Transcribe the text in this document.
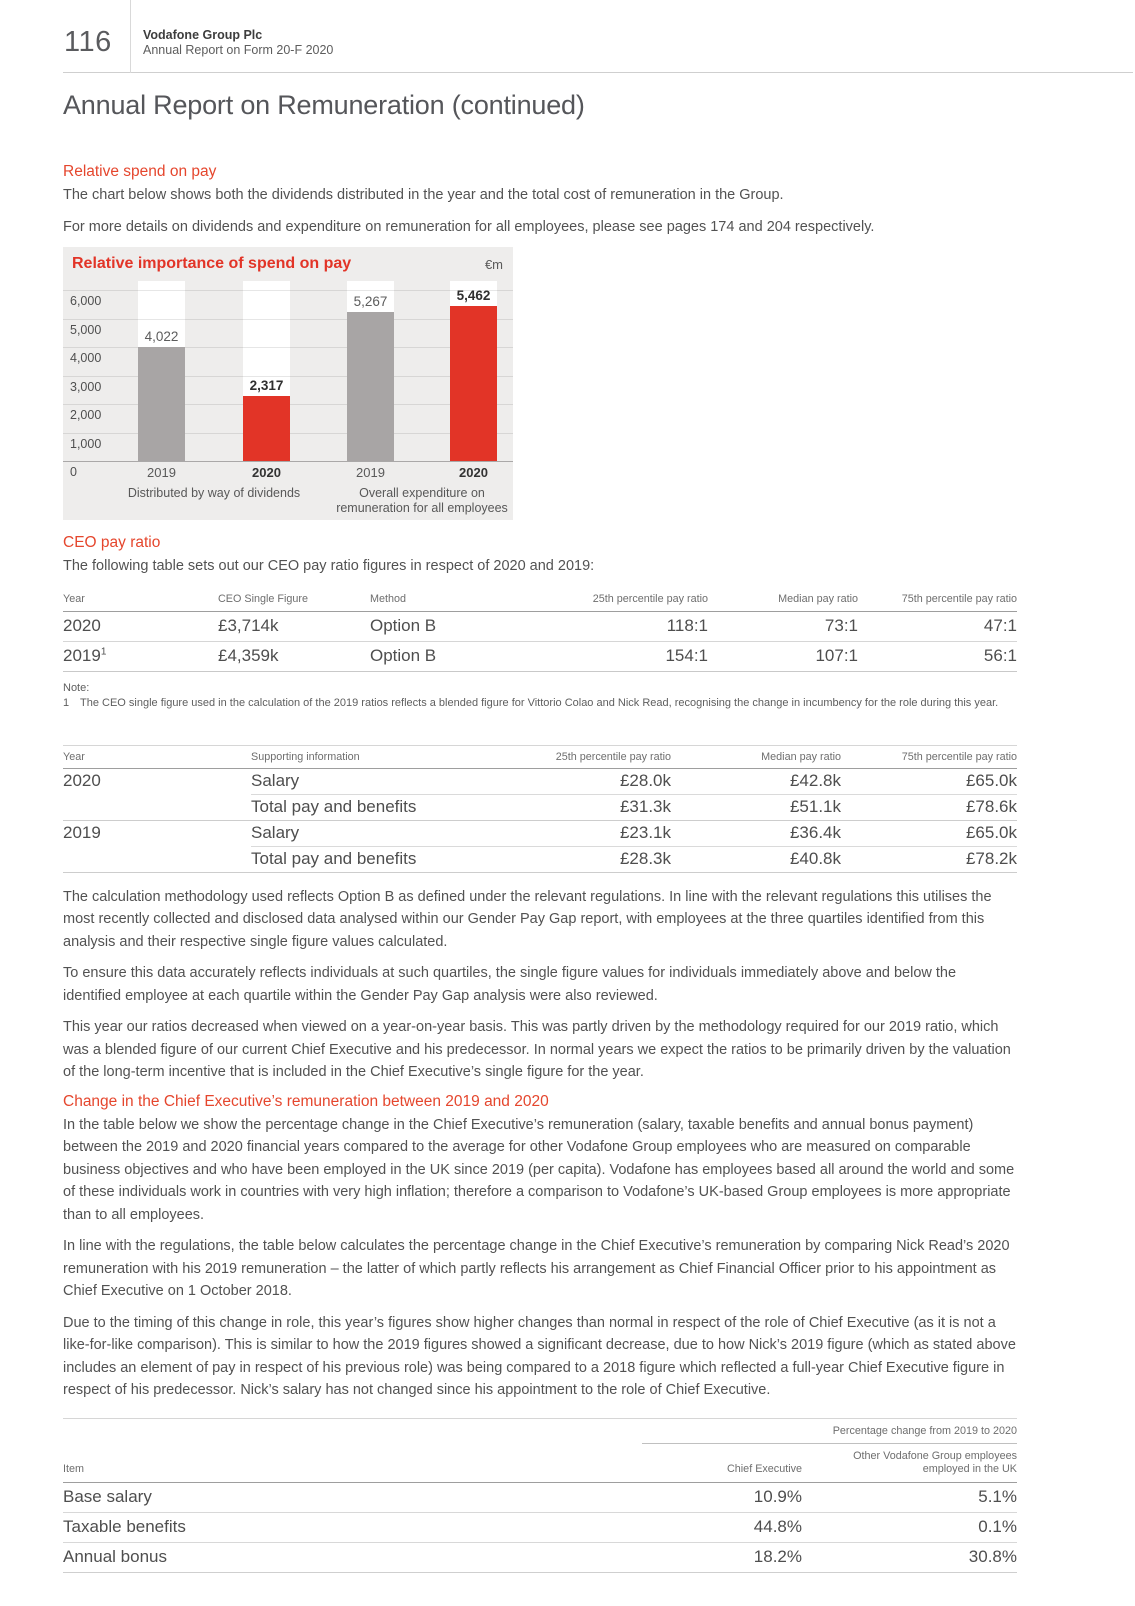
116	Vodafone Group Plc
Annual Report on Form 20-F 2020
Annual Report on Remuneration (continued)
Relative spend on pay

The chart below shows both the dividends distributed in the year and the total cost of remuneration in the Group.

For more details on dividends and expenditure on remuneration for all employees, please see pages 174 and 204 respectively.

Relative importance of spend on pay	€m
1,000
2,000
3,000
4,000
5,000
6,000
4,022
2,317
5,267	5,462
2019	2020	2019	2020
0
Distributed by way of dividends	Overall expenditure on remuneration for all employees
CEO pay ratio

The following table sets out our CEO pay ratio figures in respect of 2020 and 2019:

Year	CEO Single Figure	Method	25th percentile pay ratio	Median pay ratio	75th percentile pay ratio
2020	£3,714k	Option B	118:1	73:1	47:1
2019$^1$	£4,359k	Option B	154:1	107:1	56:1
Note:
1 The CEO single figure used in the calculation of the 2019 ratios reflects a blended figure for Vittorio Colao and Nick Read, recognising the change in incumbency for the role during this year.
Year	Supporting information	25th percentile pay ratio	Median pay ratio	75th percentile pay ratio
2020	Salary	£28.0k	£42.8k	£65.0k
	Total pay and benefits	£31.3k	£51.1k	£78.6k
2019	Salary	£23.1k	£36.4k	£65.0k
	Total pay and benefits	£28.3k	£40.8k	£78.2k

The calculation methodology used reflects Option B as defined under the relevant regulations. In line with the relevant regulations this utilises the most recently collected and disclosed data analysed within our Gender Pay Gap report, with employees at the three quartiles identified from this analysis and their respective single figure values calculated.

To ensure this data accurately reflects individuals at such quartiles, the single figure values for individuals immediately above and below the identified employee at each quartile within the Gender Pay Gap analysis were also reviewed.

This year our ratios decreased when viewed on a year-on-year basis. This was partly driven by the methodology required for our 2019 ratio, which was a blended figure of our current Chief Executive and his predecessor. In normal years we expect the ratios to be primarily driven by the valuation of the long-term incentive that is included in the Chief Executive’s single figure for the year.

Change in the Chief Executive’s remuneration between 2019 and 2020

In the table below we show the percentage change in the Chief Executive’s remuneration (salary, taxable benefits and annual bonus payment) between the 2019 and 2020 financial years compared to the average for other Vodafone Group employees who are measured on comparable business objectives and who have been employed in the UK since 2019 (per capita). Vodafone has employees based all around the world and some of these individuals work in countries with very high inflation; therefore a comparison to Vodafone’s UK-based Group employees is more appropriate than to all employees.

In line with the regulations, the table below calculates the percentage change in the Chief Executive’s remuneration by comparing Nick Read’s 2020 remuneration with his 2019 remuneration – the latter of which partly reflects his arrangement as Chief Financial Officer prior to his appointment as Chief Executive on 1 October 2018.

Due to the timing of this change in role, this year’s figures show higher changes than normal in respect of the role of Chief Executive (as it is not a like-for-like comparison). This is similar to how the 2019 figures showed a significant decrease, due to how Nick’s 2019 figure (which as stated above includes an element of pay in respect of his previous role) was being compared to a 2018 figure which reflected a full-year Chief Executive figure in respect of his predecessor. Nick’s salary has not changed since his appointment to the role of Chief Executive.

	Percentage change from 2019 to 2020	
Item	Chief Executive	Other Vodafone Group employees employed in the UK
Base salary	10.9%	5.1%
Taxable benefits	44.8%	0.1%
Annual bonus	18.2%	30.8%
